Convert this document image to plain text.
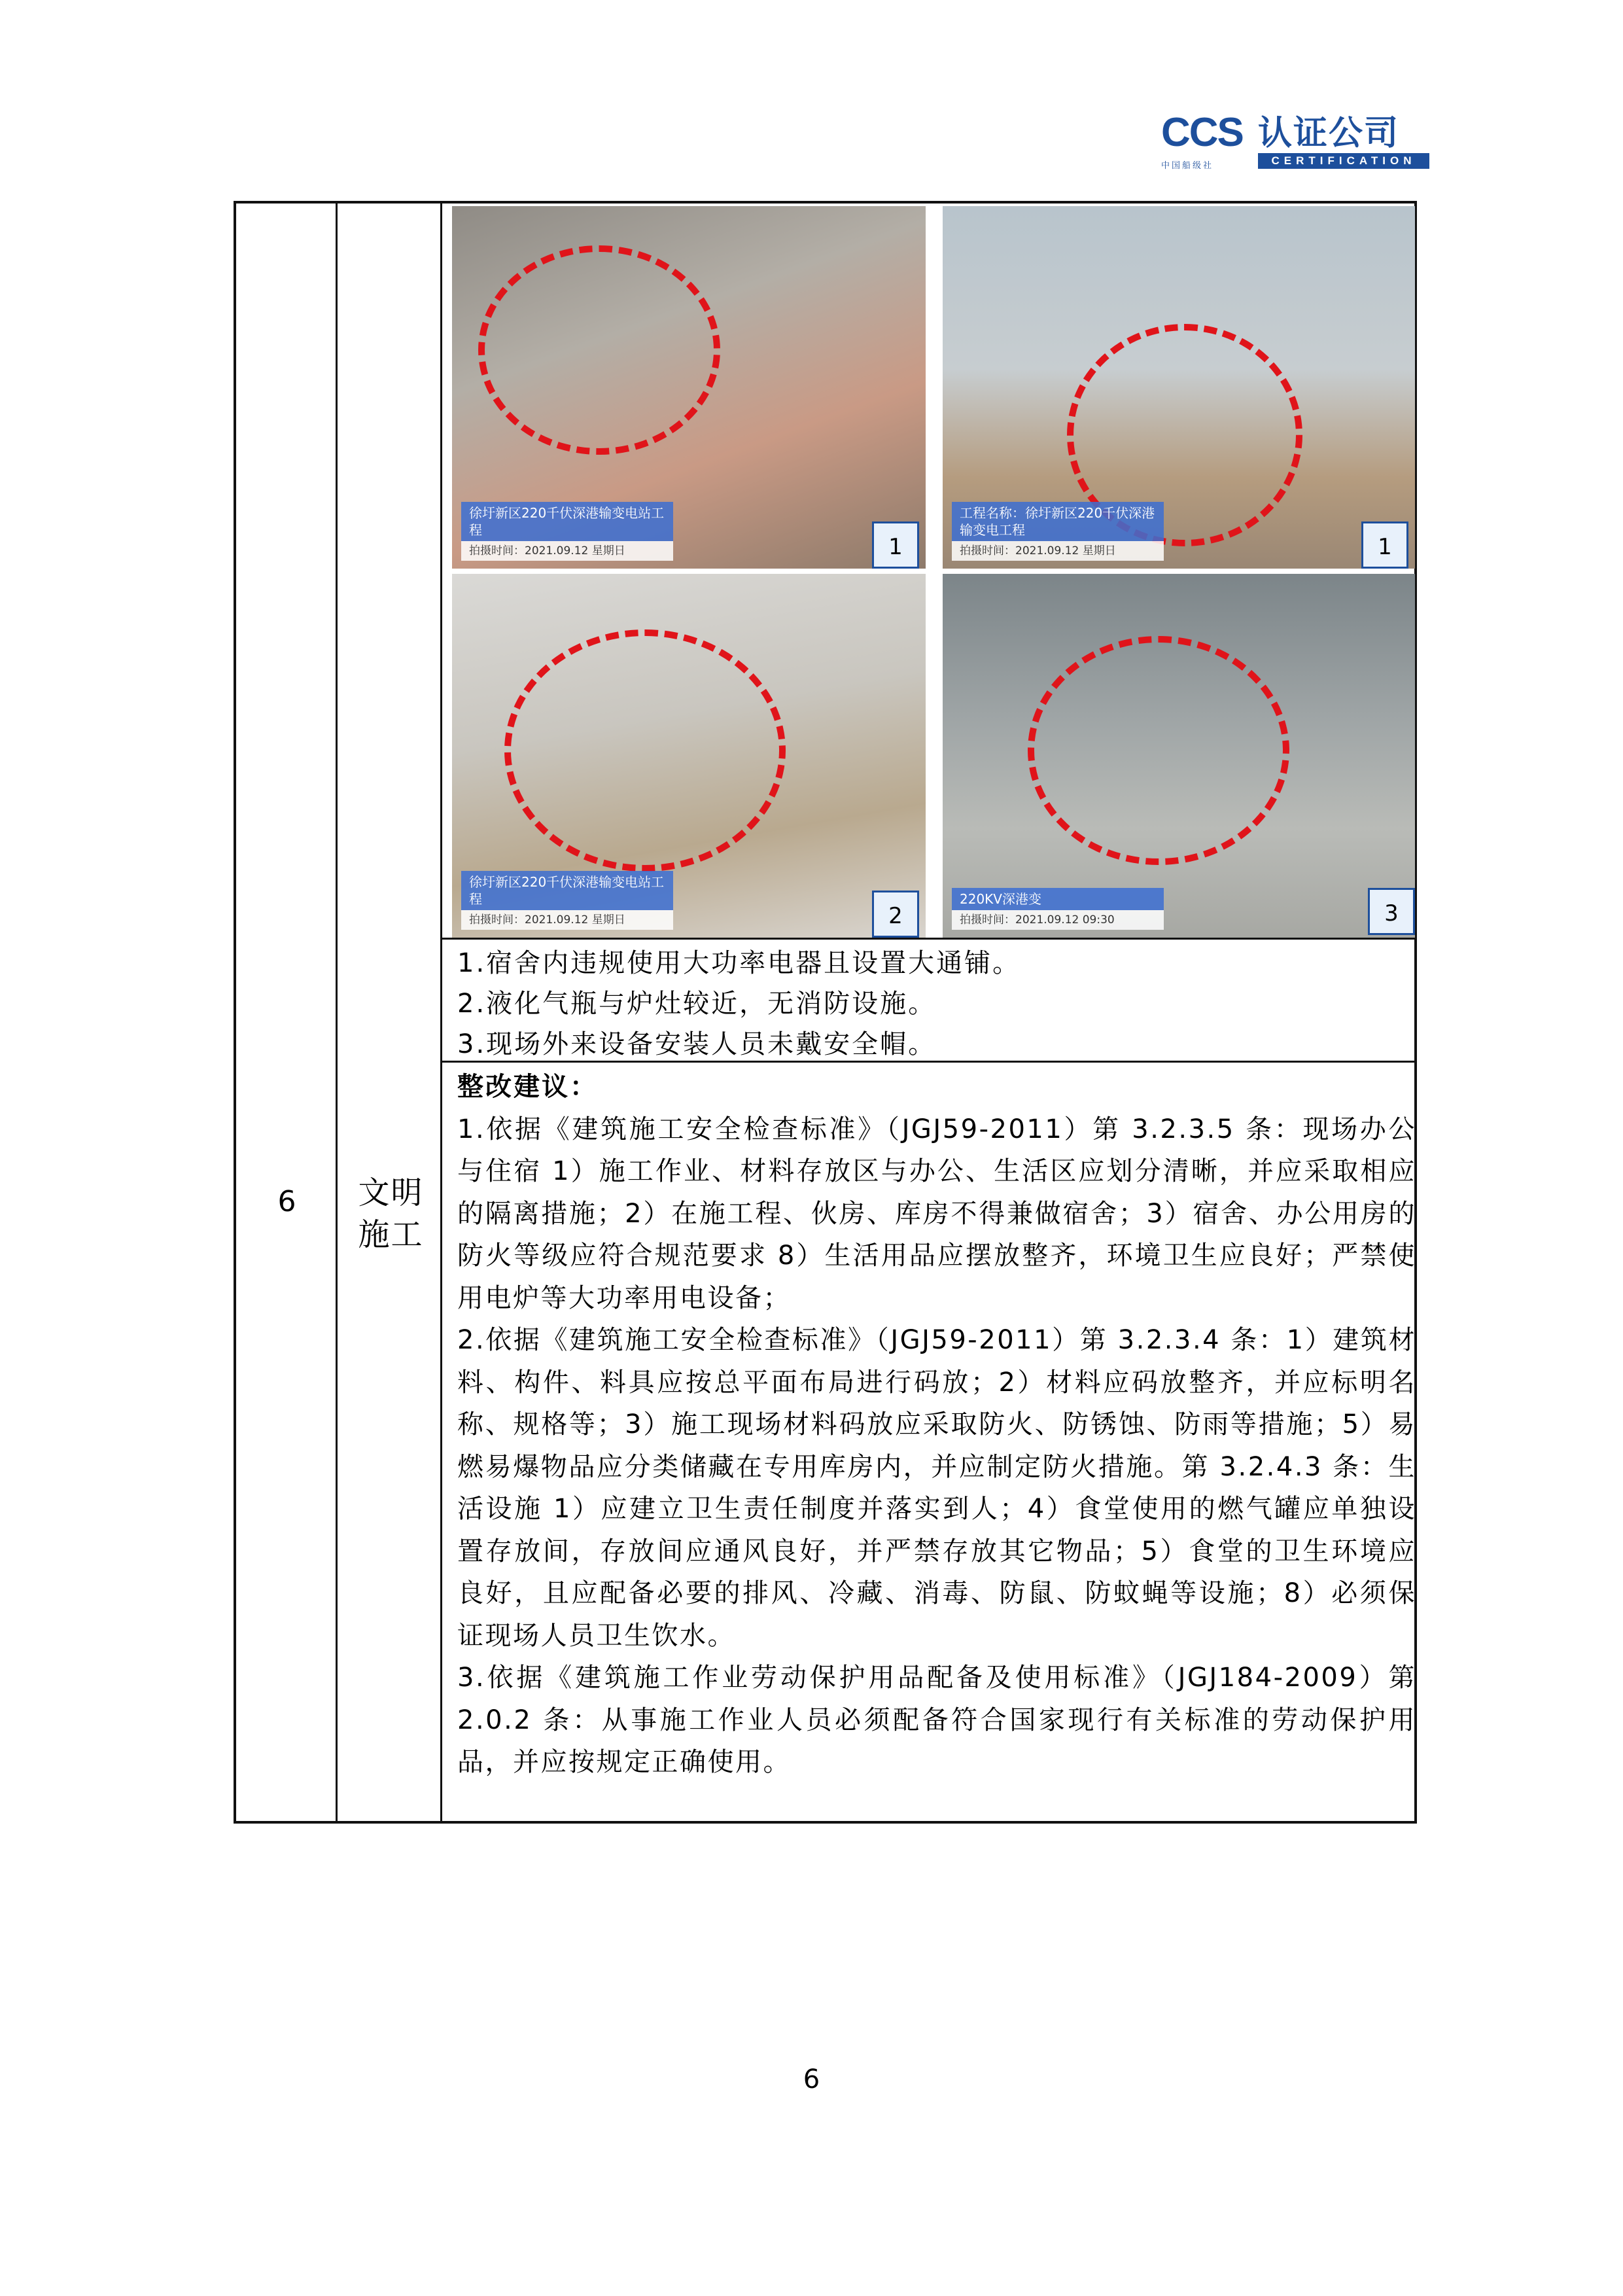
CCS 认证公司
CERTIFICATION
中国船级社
6	文明
施工
徐圩新区220千伏深港输变电站工程
拍摄时间：2021.09.12 星期日	1
工程名称：徐圩新区220千伏深港输变电工程
拍摄时间：2021.09.12 星期日	1
徐圩新区220千伏深港输变电站工程
拍摄时间：2021.09.12 星期日	2
220KV深港变
拍摄时间：2021.09.12 09:30	3
1.宿舍内违规使用大功率电器且设置大通铺。
2.液化气瓶与炉灶较近，无消防设施。
3.现场外来设备安装人员未戴安全帽。
整改建议：

1.依据《建筑施工安全检查标准》（JGJ59-2011）第 3.2.3.5 条：现场办公与住宿 1）施工作业、材料存放区与办公、生活区应划分清晰，并应采取相应的隔离措施；2）在施工程、伙房、库房不得兼做宿舍；3）宿舍、办公用房的防火等级应符合规范要求 8）生活用品应摆放整齐，环境卫生应良好；严禁使用电炉等大功率用电设备；

2.依据《建筑施工安全检查标准》（JGJ59-2011）第 3.2.3.4 条：1）建筑材料、构件、料具应按总平面布局进行码放；2）材料应码放整齐，并应标明名称、规格等；3）施工现场材料码放应采取防火、防锈蚀、防雨等措施；5）易燃易爆物品应分类储藏在专用库房内，并应制定防火措施。第 3.2.4.3 条：生活设施 1）应建立卫生责任制度并落实到人；4）食堂使用的燃气罐应单独设置存放间，存放间应通风良好，并严禁存放其它物品；5）食堂的卫生环境应良好，且应配备必要的排风、冷藏、消毒、防鼠、防蚊蝇等设施；8）必须保证现场人员卫生饮水。

3.依据《建筑施工作业劳动保护用品配备及使用标准》（JGJ184-2009）第 2.0.2 条：从事施工作业人员必须配备符合国家现行有关标准的劳动保护用品，并应按规定正确使用。

6
